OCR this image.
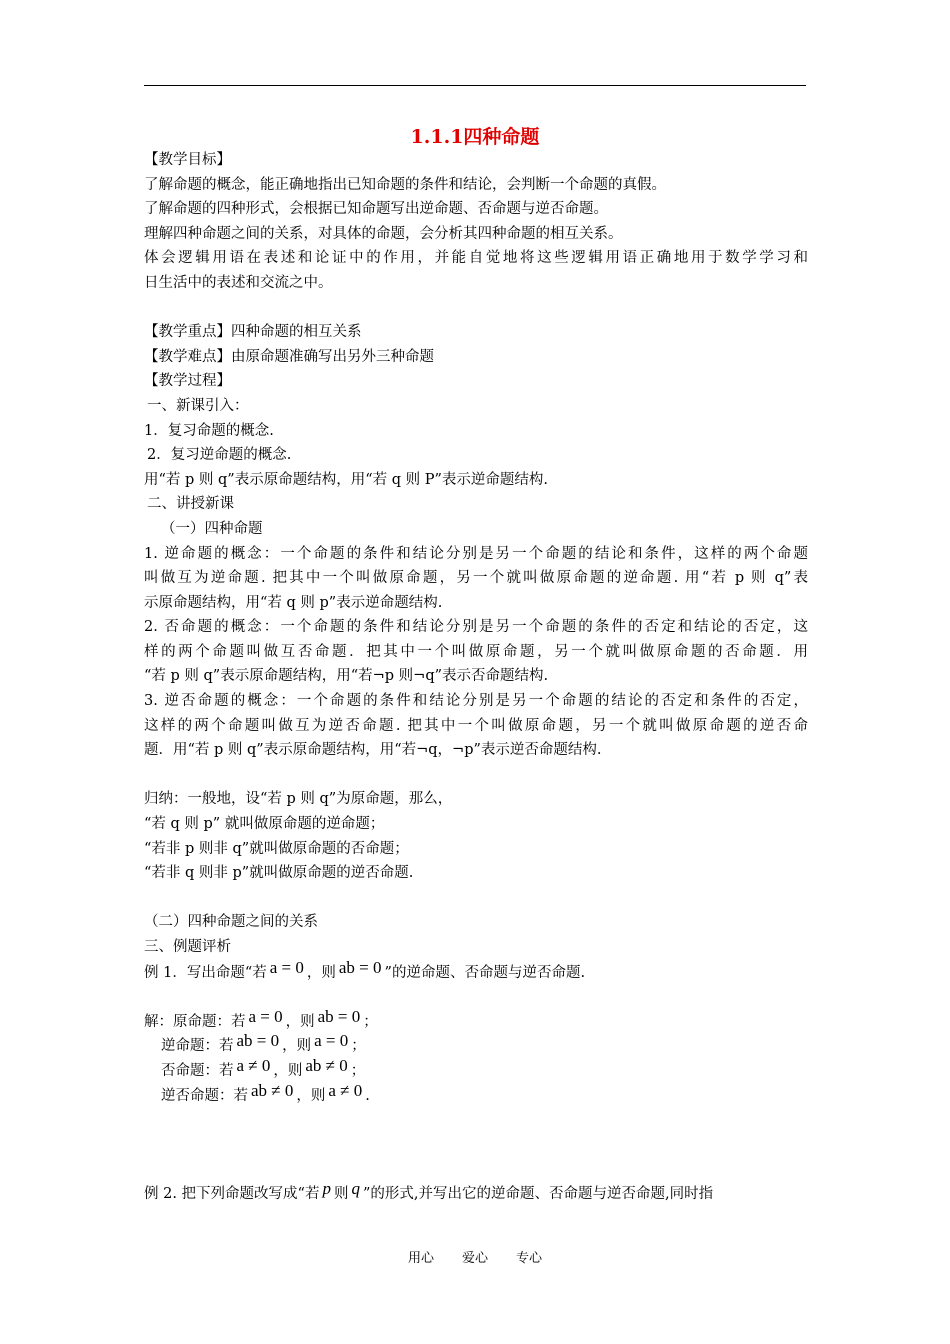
1.1.1四种命题
【教学目标】
了解命题的概念，能正确地指出已知命题的条件和结论，会判断一个命题的真假。
了解命题的四种形式，会根据已知命题写出逆命题、否命题与逆否命题。
理解四种命题之间的关系，对具体的命题，会分析其四种命题的相互关系。
体会逻辑用语在表述和论证中的作用，并能自觉地将这些逻辑用语正确地用于数学学习和
日生活中的表述和交流之中。
【教学重点】四种命题的相互关系
【教学难点】由原命题准确写出另外三种命题
【教学过程】
一、新课引入：
1．复习命题的概念.
2．复习逆命题的概念.
用“若 p 则 q”表示原命题结构，用“若 q 则 P”表示逆命题结构.
二、讲授新课
（一）四种命题
1. 逆命题的概念：一个命题的条件和结论分别是另一个命题的结论和条件，这样的两个命题
叫做互为逆命题. 把其中一个叫做原命题，另一个就叫做原命题的逆命题. 用“若 p 则 q”表
示原命题结构，用“若 q 则 p”表示逆命题结构.
2. 否命题的概念：一个命题的条件和结论分别是另一个命题的条件的否定和结论的否定，这
样的两个命题叫做互否命题．把其中一个叫做原命题，另一个就叫做原命题的否命题．用
“若 p 则 q”表示原命题结构，用“若¬p 则¬q”表示否命题结构.
3. 逆否命题的概念：一个命题的条件和结论分别是另一个命题的结论的否定和条件的否定，
这样的两个命题叫做互为逆否命题. 把其中一个叫做原命题，另一个就叫做原命题的逆否命
题．用“若 p 则 q”表示原命题结构，用“若¬q，¬p”表示逆否命题结构.
归纳：一般地，设“若 p 则 q”为原命题，那么，
“若 q 则 p” 就叫做原命题的逆命题；
“若非 p 则非 q”就叫做原命题的否命题；
“若非 q 则非 p”就叫做原命题的逆否命题.
（二）四种命题之间的关系
三、例题评析
例 1．写出命题“若 a = 0 ，则 ab = 0 ”的逆命题、否命题与逆否命题.
解：原命题：若 a = 0 ，则 ab = 0 ；
逆命题：若 ab = 0 ，则 a = 0 ；
否命题：若 a ≠ 0 ，则 ab ≠ 0 ；
逆否命题：若 ab ≠ 0 ，则 a ≠ 0 .
例 2. 把下列命题改写成“若 p 则 q ”的形式,并写出它的逆命题、否命题与逆否命题,同时指
用心 爱心 专心
